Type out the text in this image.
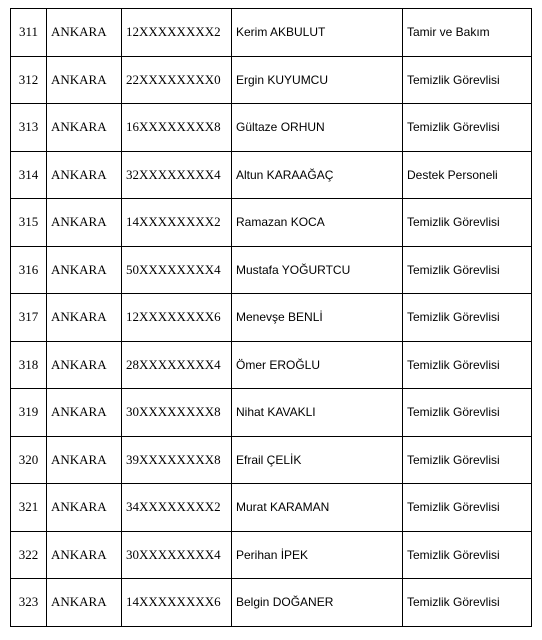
311	ANKARA	12XXXXXXXX2	Kerim AKBULUT	Tamir ve Bakım
312	ANKARA	22XXXXXXXX0	Ergin KUYUMCU	Temizlik Görevlisi
313	ANKARA	16XXXXXXXX8	Gültaze ORHUN	Temizlik Görevlisi
314	ANKARA	32XXXXXXXX4	Altun KARAAĞAÇ	Destek Personeli
315	ANKARA	14XXXXXXXX2	Ramazan KOCA	Temizlik Görevlisi
316	ANKARA	50XXXXXXXX4	Mustafa YOĞURTCU	Temizlik Görevlisi
317	ANKARA	12XXXXXXXX6	Menevşe BENLİ	Temizlik Görevlisi
318	ANKARA	28XXXXXXXX4	Ömer EROĞLU	Temizlik Görevlisi
319	ANKARA	30XXXXXXXX8	Nihat KAVAKLI	Temizlik Görevlisi
320	ANKARA	39XXXXXXXX8	Efrail ÇELİK	Temizlik Görevlisi
321	ANKARA	34XXXXXXXX2	Murat KARAMAN	Temizlik Görevlisi
322	ANKARA	30XXXXXXXX4	Perihan İPEK	Temizlik Görevlisi
323	ANKARA	14XXXXXXXX6	Belgin DOĞANER	Temizlik Görevlisi
